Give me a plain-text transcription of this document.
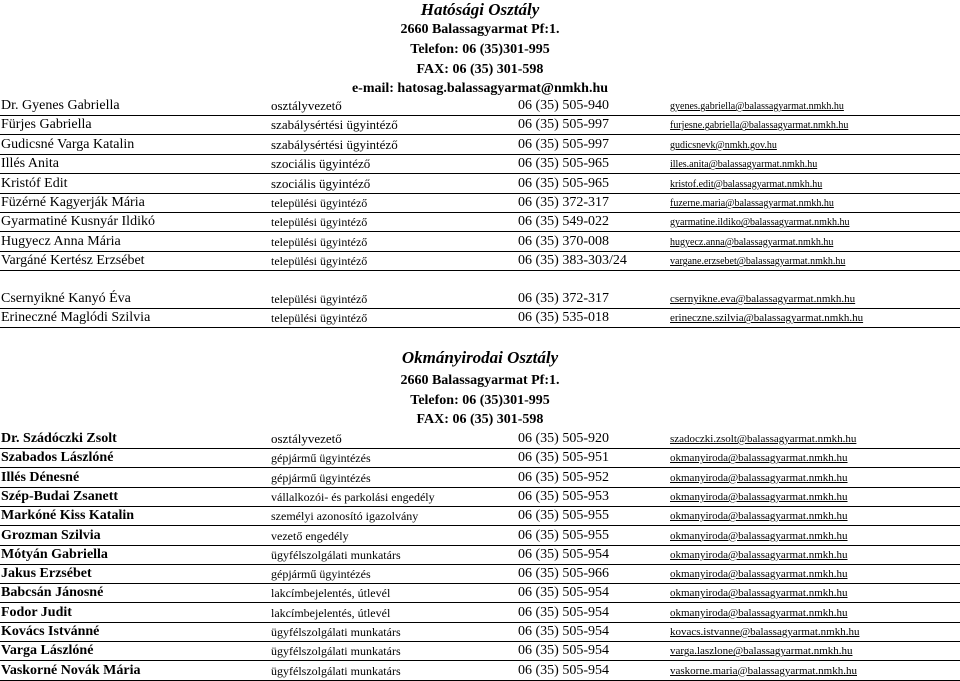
Hatósági Osztály
2660 Balassagyarmat Pf:1.
Telefon: 06 (35)301-995
FAX: 06 (35) 301-598
e-mail: hatosag.balassagyarmat@nmkh.hu
Dr. Gyenes Gabriella	osztályvezető	06 (35) 505-940	gyenes.gabriella@balassagyarmat.nmkh.hu
Fürjes Gabriella	szabálysértési ügyintéző	06 (35) 505-997	furjesne.gabriella@balassagyarmat.nmkh.hu
Gudicsné Varga Katalin	szabálysértési ügyintéző	06 (35) 505-997	gudicsnevk@nmkh.gov.hu
Illés Anita	szociális ügyintéző	06 (35) 505-965	illes.anita@balassagyarmat.nmkh.hu
Kristóf Edit	szociális ügyintéző	06 (35) 505-965	kristof.edit@balassagyarmat.nmkh.hu
Füzérné Kagyerják Mária	települési ügyintéző	06 (35) 372-317	fuzerne.maria@balassagyarmat.nmkh.hu
Gyarmatiné Kusnyár Ildikó	települési ügyintéző	06 (35) 549-022	gyarmatine.ildiko@balassagyarmat.nmkh.hu
Hugyecz Anna Mária	települési ügyintéző	06 (35) 370-008	hugyecz.anna@balassagyarmat.nmkh.hu
Vargáné Kertész Erzsébet	települési ügyintéző	06 (35) 383-303/24	vargane.erzsebet@balassagyarmat.nmkh.hu
Csernyikné Kanyó Éva	települési ügyintéző	06 (35) 372-317	csernyikne.eva@balassagyarmat.nmkh.hu
Erineczné Maglódi Szilvia	települési ügyintéző	06 (35) 535-018	erineczne.szilvia@balassagyarmat.nmkh.hu
Okmányirodai Osztály
2660 Balassagyarmat Pf:1.
Telefon: 06 (35)301-995
FAX: 06 (35) 301-598
Dr. Szádóczki Zsolt	osztályvezető	06 (35) 505-920	szadoczki.zsolt@balassagyarmat.nmkh.hu
Szabados Lászlóné	gépjármű ügyintézés	06 (35) 505-951	okmanyiroda@balassagyarmat.nmkh.hu
Illés Dénesné	gépjármű ügyintézés	06 (35) 505-952	okmanyiroda@balassagyarmat.nmkh.hu
Szép-Budai Zsanett	vállalkozói- és parkolási engedély	06 (35) 505-953	okmanyiroda@balassagyarmat.nmkh.hu
Markóné Kiss Katalin	személyi azonosító igazolvány	06 (35) 505-955	okmanyiroda@balassagyarmat.nmkh.hu
Grozman Szilvia	vezető engedély	06 (35) 505-955	okmanyiroda@balassagyarmat.nmkh.hu
Mótyán Gabriella	ügyfélszolgálati munkatárs	06 (35) 505-954	okmanyiroda@balassagyarmat.nmkh.hu
Jakus Erzsébet	gépjármű ügyintézés	06 (35) 505-966	okmanyiroda@balassagyarmat.nmkh.hu
Babcsán Jánosné	lakcímbejelentés, útlevél	06 (35) 505-954	okmanyiroda@balassagyarmat.nmkh.hu
Fodor Judit	lakcímbejelentés, útlevél	06 (35) 505-954	okmanyiroda@balassagyarmat.nmkh.hu
Kovács Istvánné	ügyfélszolgálati munkatárs	06 (35) 505-954	kovacs.istvanne@balassagyarmat.nmkh.hu
Varga Lászlóné	ügyfélszolgálati munkatárs	06 (35) 505-954	varga.laszlone@balassagyarmat.nmkh.hu
Vaskorné Novák Mária	ügyfélszolgálati munkatárs	06 (35) 505-954	vaskorne.maria@balassagyarmat.nmkh.hu
